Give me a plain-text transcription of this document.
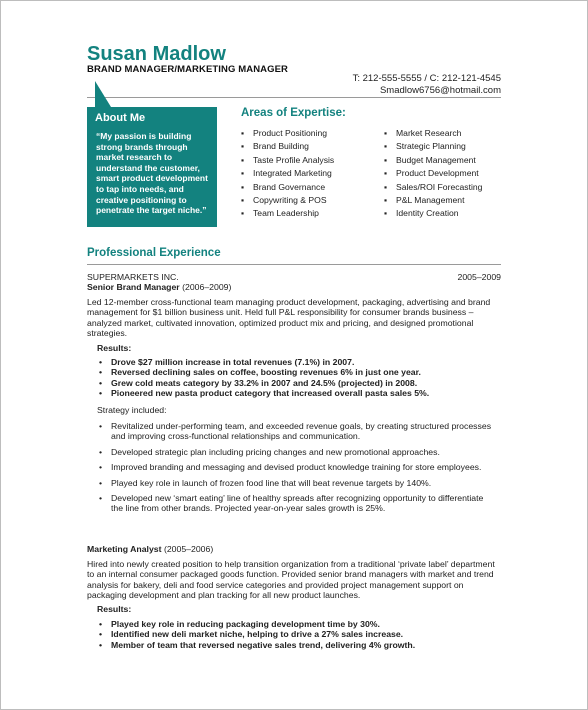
Susan Madlow
BRAND MANAGER/MARKETING MANAGER
T: 212-555-5555 / C: 212-121-4545
Smadlow6756@hotmail.com
About Me
“My passion is building strong brands through market research to understand the customer, smart product development to tap into needs, and creative positioning to penetrate the target niche.”
Areas of Expertise:
▪ Product Positioning
▪ Brand Building
▪ Taste Profile Analysis
▪ Integrated Marketing
▪ Brand Governance
▪ Copywriting & POS
▪ Team Leadership
▪ Market Research
▪ Strategic Planning
▪ Budget Management
▪ Product Development
▪ Sales/ROI Forecasting
▪ P&L Management
▪ Identity Creation
Professional Experience
SUPERMARKETS INC.	2005–2009
Senior Brand Manager (2006–2009)
Led 12-member cross-functional team managing product development, packaging, advertising and brand management for $1 billion business unit. Held full P&L responsibility for consumer brands business – analyzed market, cultivated innovation, optimized product mix and pricing, and designed promotional strategies.
Results:
• Drove $27 million increase in total revenues (7.1%) in 2007.
• Reversed declining sales on coffee, boosting revenues 6% in just one year.
• Grew cold meats category by 33.2% in 2007 and 24.5% (projected) in 2008.
• Pioneered new pasta product category that increased overall pasta sales 5%.
Strategy included:
• Revitalized under-performing team, and exceeded revenue goals, by creating structured processes and improving cross-functional relationships and communication.
• Developed strategic plan including pricing changes and new promotional approaches.
• Improved branding and messaging and devised product knowledge training for store employees.
• Played key role in launch of frozen food line that will beat revenue targets by 140%.
• Developed new ‘smart eating’ line of healthy spreads after recognizing opportunity to differentiate the line from other brands. Projected year-on-year sales growth is 25%.
Marketing Analyst (2005–2006)
Hired into newly created position to help transition organization from a traditional ‘private label’ department to an internal consumer packaged goods function. Provided senior brand managers with market and trend analysis for bakery, deli and food service categories and provided project management support on packaging development and plan tracking for all new product launches.
Results:
• Played key role in reducing packaging development time by 30%.
• Identified new deli market niche, helping to drive a 27% sales increase.
• Member of team that reversed negative sales trend, delivering 4% growth.
